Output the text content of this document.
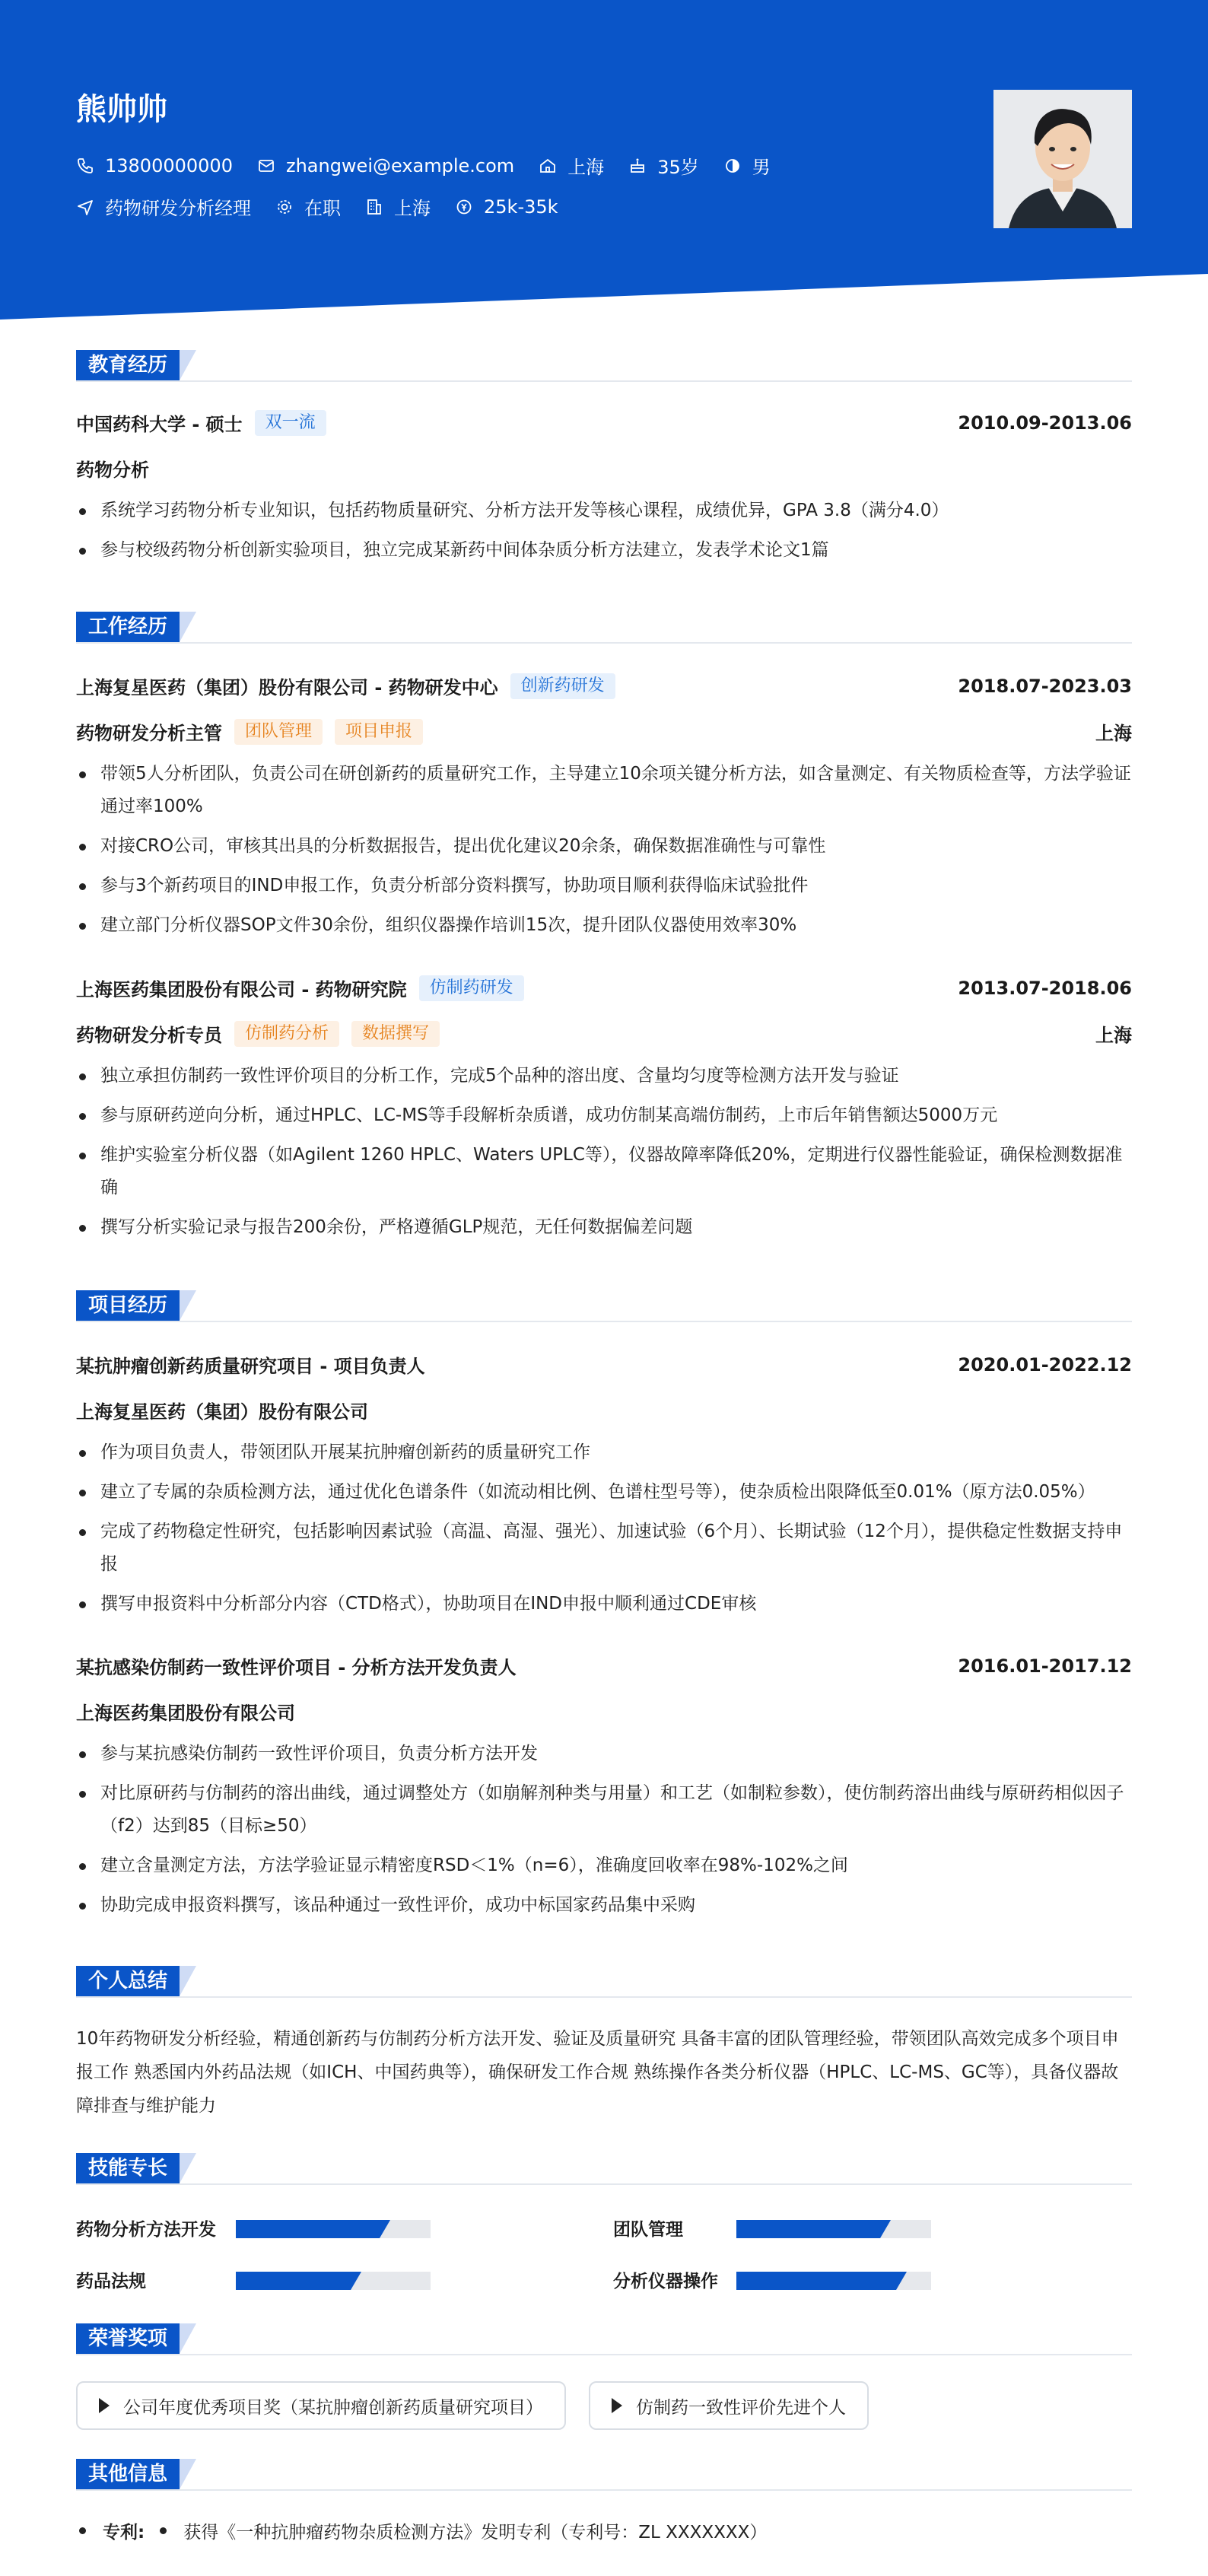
熊帅帅
13800000000	zhangwei@example.com	上海	35岁	男
药物研发分析经理	在职	上海	25k-35k
教育经历
中国药科大学 - 硕士	双一流	2010.09-2013.06
药物分析
系统学习药物分析专业知识，包括药物质量研究、分析方法开发等核心课程，成绩优异，GPA 3.8（满分4.0）
参与校级药物分析创新实验项目，独立完成某新药中间体杂质分析方法建立，发表学术论文1篇
工作经历
上海复星医药（集团）股份有限公司 - 药物研发中心	创新药研发	2018.07-2023.03
药物研发分析主管	团队管理	项目申报	上海
带领5人分析团队，负责公司在研创新药的质量研究工作，主导建立10余项关键分析方法，如含量测定、有关物质检查等，方法学验证通过率100%
对接CRO公司，审核其出具的分析数据报告，提出优化建议20余条，确保数据准确性与可靠性
参与3个新药项目的IND申报工作，负责分析部分资料撰写，协助项目顺利获得临床试验批件
建立部门分析仪器SOP文件30余份，组织仪器操作培训15次，提升团队仪器使用效率30%
上海医药集团股份有限公司 - 药物研究院	仿制药研发	2013.07-2018.06
药物研发分析专员	仿制药分析	数据撰写	上海
独立承担仿制药一致性评价项目的分析工作，完成5个品种的溶出度、含量均匀度等检测方法开发与验证
参与原研药逆向分析，通过HPLC、LC-MS等手段解析杂质谱，成功仿制某高端仿制药，上市后年销售额达5000万元
维护实验室分析仪器（如Agilent 1260 HPLC、Waters UPLC等），仪器故障率降低20%，定期进行仪器性能验证，确保检测数据准确
撰写分析实验记录与报告200余份，严格遵循GLP规范，无任何数据偏差问题
项目经历
某抗肿瘤创新药质量研究项目 - 项目负责人	2020.01-2022.12
上海复星医药（集团）股份有限公司
作为项目负责人，带领团队开展某抗肿瘤创新药的质量研究工作
建立了专属的杂质检测方法，通过优化色谱条件（如流动相比例、色谱柱型号等），使杂质检出限降低至0.01%（原方法0.05%）
完成了药物稳定性研究，包括影响因素试验（高温、高湿、强光）、加速试验（6个月）、长期试验（12个月），提供稳定性数据支持申报
撰写申报资料中分析部分内容（CTD格式），协助项目在IND申报中顺利通过CDE审核
某抗感染仿制药一致性评价项目 - 分析方法开发负责人	2016.01-2017.12
上海医药集团股份有限公司
参与某抗感染仿制药一致性评价项目，负责分析方法开发
对比原研药与仿制药的溶出曲线，通过调整处方（如崩解剂种类与用量）和工艺（如制粒参数），使仿制药溶出曲线与原研药相似因子（f2）达到85（目标≥50）
建立含量测定方法，方法学验证显示精密度RSD＜1%（n=6），准确度回收率在98%-102%之间
协助完成申报资料撰写，该品种通过一致性评价，成功中标国家药品集中采购
个人总结
10年药物研发分析经验，精通创新药与仿制药分析方法开发、验证及质量研究 具备丰富的团队管理经验，带领团队高效完成多个项目申报工作 熟悉国内外药品法规（如ICH、中国药典等），确保研发工作合规 熟练操作各类分析仪器（HPLC、LC-MS、GC等），具备仪器故障排查与维护能力
技能专长
药物分析方法开发	团队管理
药品法规	分析仪器操作
荣誉奖项
公司年度优秀项目奖（某抗肿瘤创新药质量研究项目）	仿制药一致性评价先进个人
其他信息
专利: 获得《一种抗肿瘤药物杂质检测方法》发明专利（专利号：ZL XXXXXXX）
